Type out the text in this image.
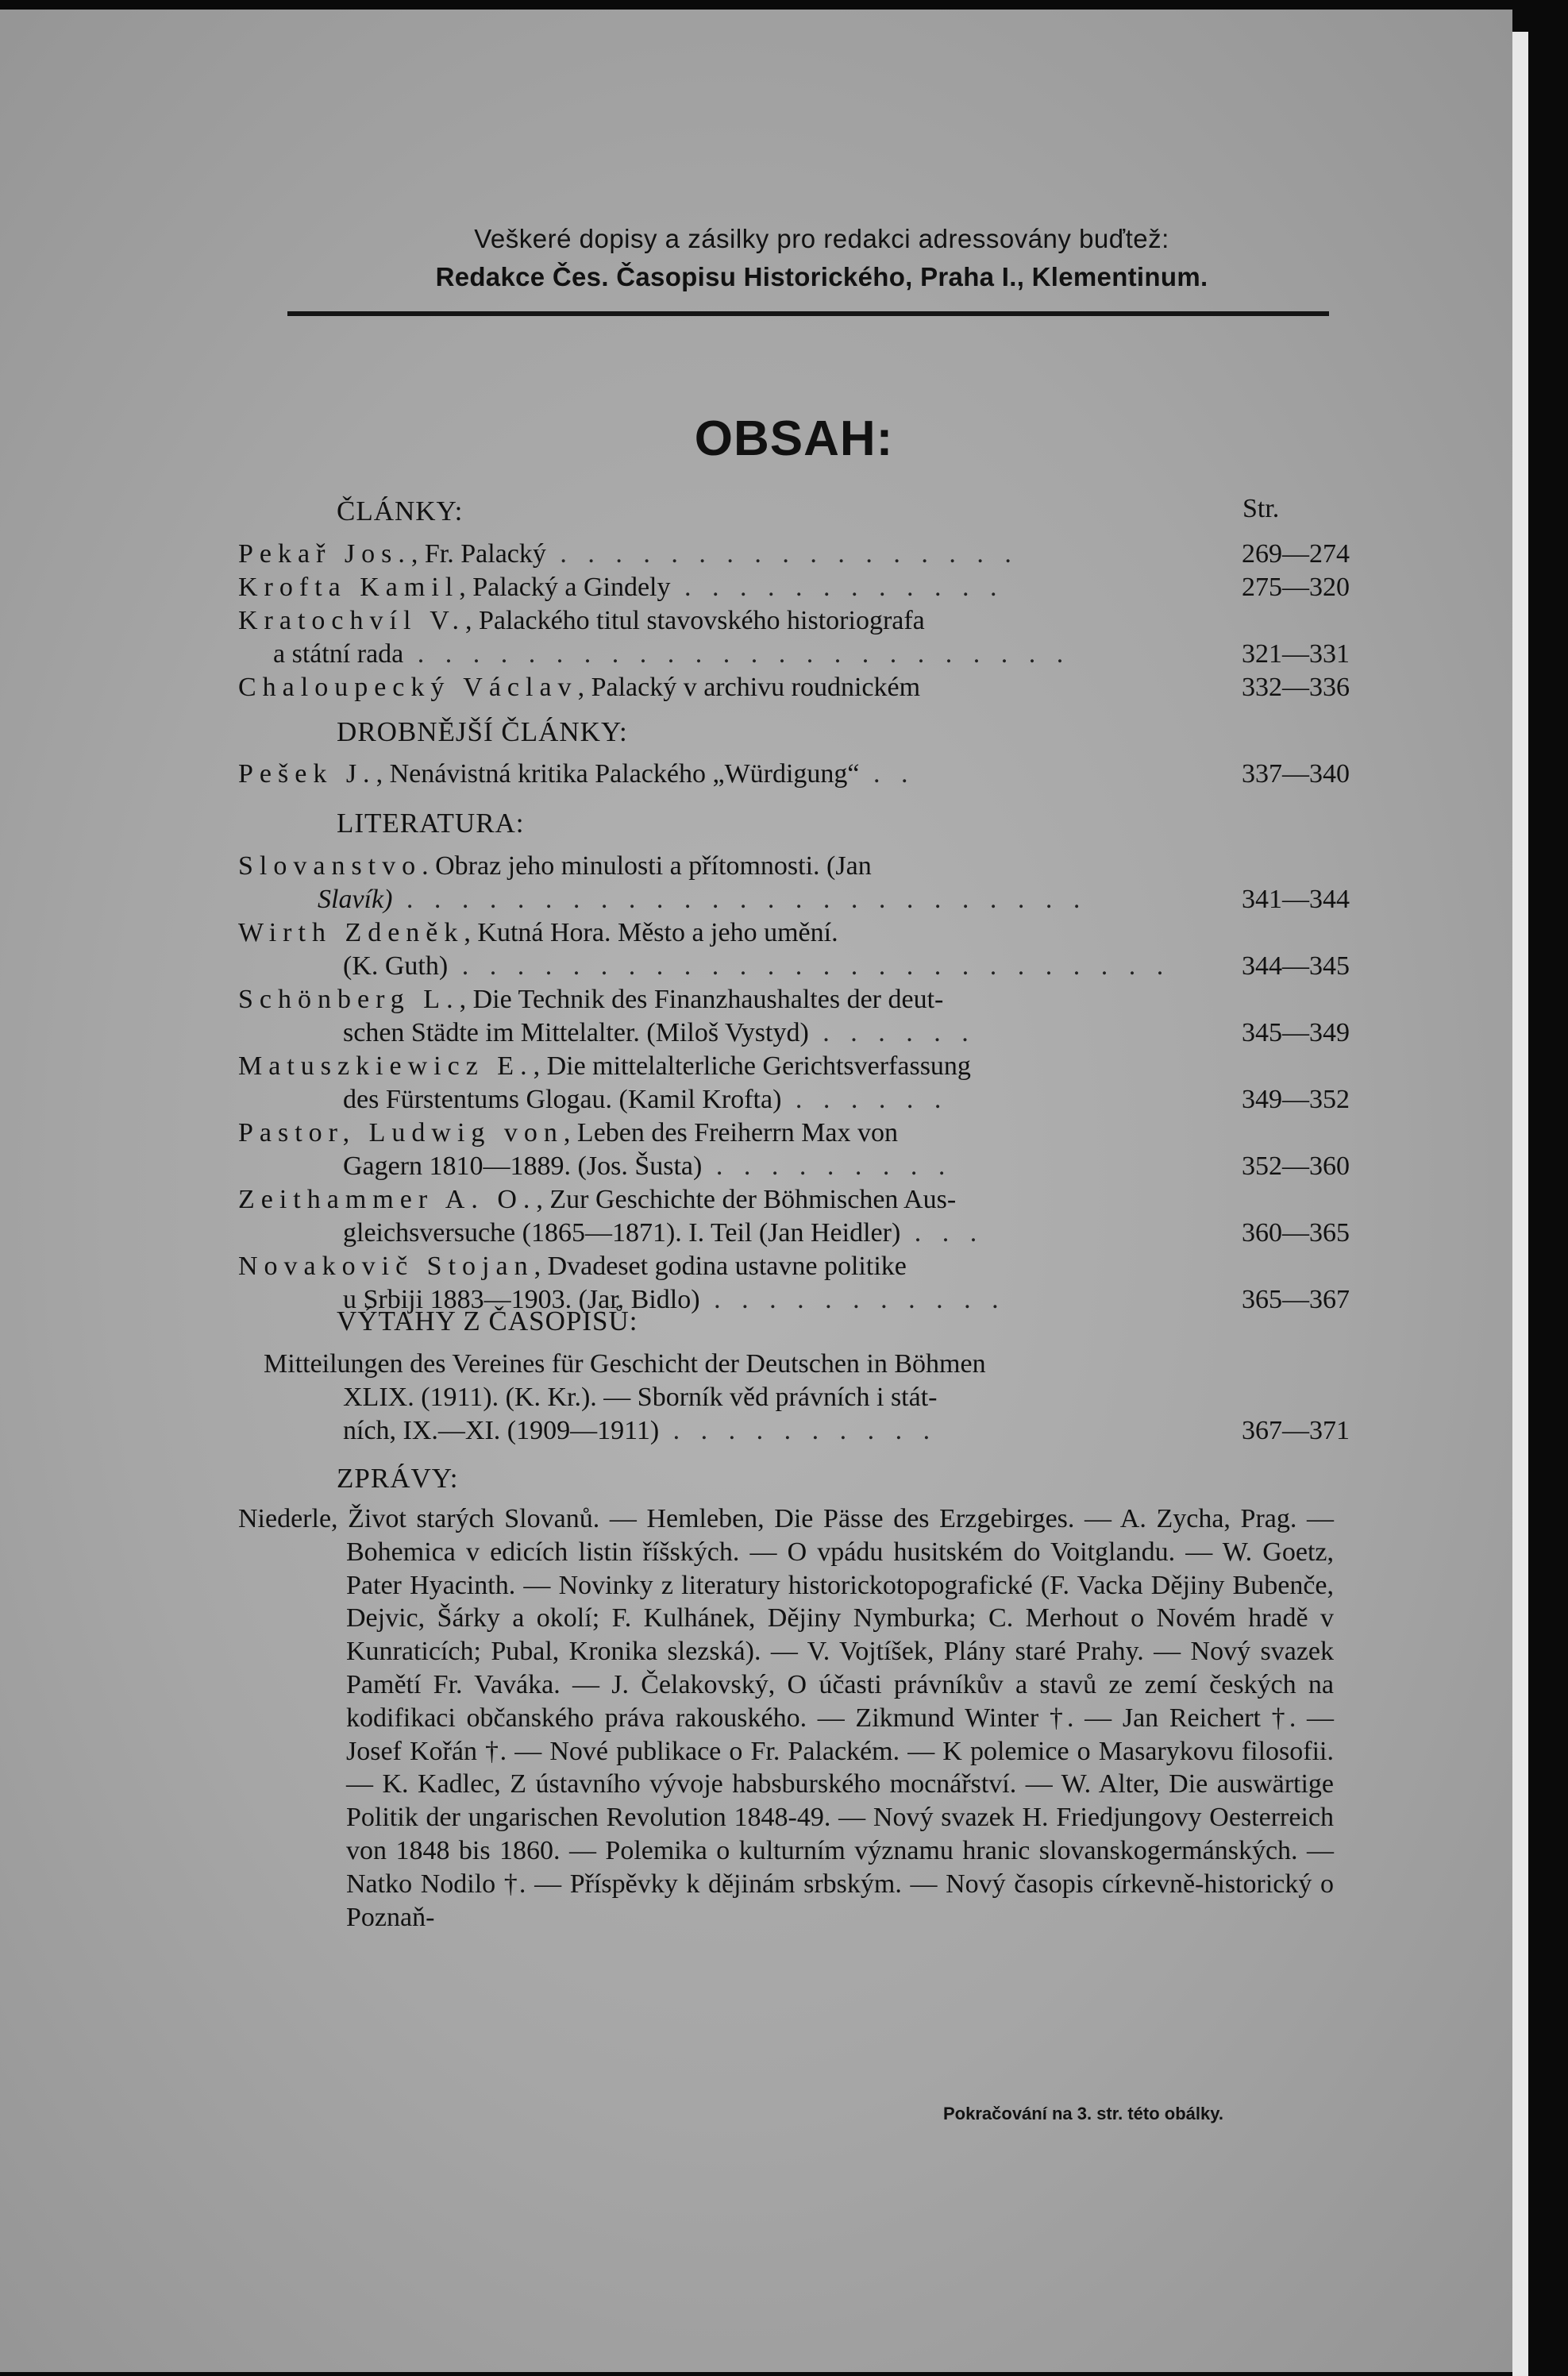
Veškeré dopisy a zásilky pro redakci adressovány buďtež:
Redakce Čes. Časopisu Historického, Praha I., Klementinum.
OBSAH:
ČLÁNKY:	Str.
Pekař Jos., Fr. Palacký . . . . . . . . . . . . . . . . .	269—274
Krofta Kamil, Palacký a Gindely . . . . . . . . . . . .	275—320
Kratochvíl V., Palackého titul stavovského historiografa
a státní rada . . . . . . . . . . . . . . . . . . . . . . . .	321—331
Chaloupecký Václav, Palacký v archivu roudnickém	332—336
DROBNĚJŠÍ ČLÁNKY:
Pešek J., Nenávistná kritika Palackého „Würdigung“ . .	337—340
LITERATURA:
Slovanstvo. Obraz jeho minulosti a přítomnosti. (Jan
Slavík) . . . . . . . . . . . . . . . . . . . . . . . . .	341—344
Wirth Zdeněk, Kutná Hora. Město a jeho umění.
(K. Guth) . . . . . . . . . . . . . . . . . . . . . . . . . .	344—345
Schönberg L., Die Technik des Finanzhaushaltes der deut-
schen Städte im Mittelalter. (Miloš Vystyd) . . . . . .	345—349
Matuszkiewicz E., Die mittelalterliche Gerichtsverfassung
des Fürstentums Glogau. (Kamil Krofta) . . . . . .	349—352
Pastor, Ludwig von, Leben des Freiherrn Max von
Gagern 1810—1889. (Jos. Šusta) . . . . . . . . .	352—360
Zeithammer A. O., Zur Geschichte der Böhmischen Aus-
gleichsversuche (1865—1871). I. Teil (Jan Heidler) . . .	360—365
Novakovič Stojan, Dvadeset godina ustavne politike
u Srbiji 1883—1903. (Jar. Bidlo) . . . . . . . . . . .	365—367
VÝTAHY Z ČASOPISŮ:
Mitteilungen des Vereines für Geschicht der Deutschen in Böhmen
XLIX. (1911). (K. Kr.). — Sborník věd právních i stát-
ních, IX.—XI. (1909—1911) . . . . . . . . . .	367—371
ZPRÁVY:

Niederle, Život starých Slovanů. — Hemleben, Die Pässe des Erzgebirges. — A. Zycha, Prag. — Bohemica v edicích listin říšských. — O vpádu husitském do Voitglandu. — W. Goetz, Pater Hyacinth. — Novinky z literatury historickotopografické (F. Vacka Dějiny Bubenče, Dejvic, Šárky a okolí; F. Kulhánek, Dějiny Nymburka; C. Merhout o Novém hradě v Kunraticích; Pubal, Kronika slezská). — V. Vojtíšek, Plány staré Prahy. — Nový svazek Pamětí Fr. Vaváka. — J. Čelakovský, O účasti právníkův a stavů ze zemí českých na kodifikaci občanského práva rakouského. — Zikmund Winter †. — Jan Reichert †. — Josef Kořán †. — Nové publikace o Fr. Palackém. — K polemice o Masarykovu filosofii. — K. Kadlec, Z ústavního vývoje habsburského mocnářství. — W. Alter, Die auswärtige Politik der ungarischen Revolution 1848-49. — Nový svazek H. Friedjungovy Oesterreich von 1848 bis 1860. — Polemika o kulturním významu hranic slovanskogermánských. — Natko Nodilo †. — Příspěvky k dějinám srbským. — Nový časopis církevně-historický o Poznaň-

Pokračování na 3. str. této obálky.
